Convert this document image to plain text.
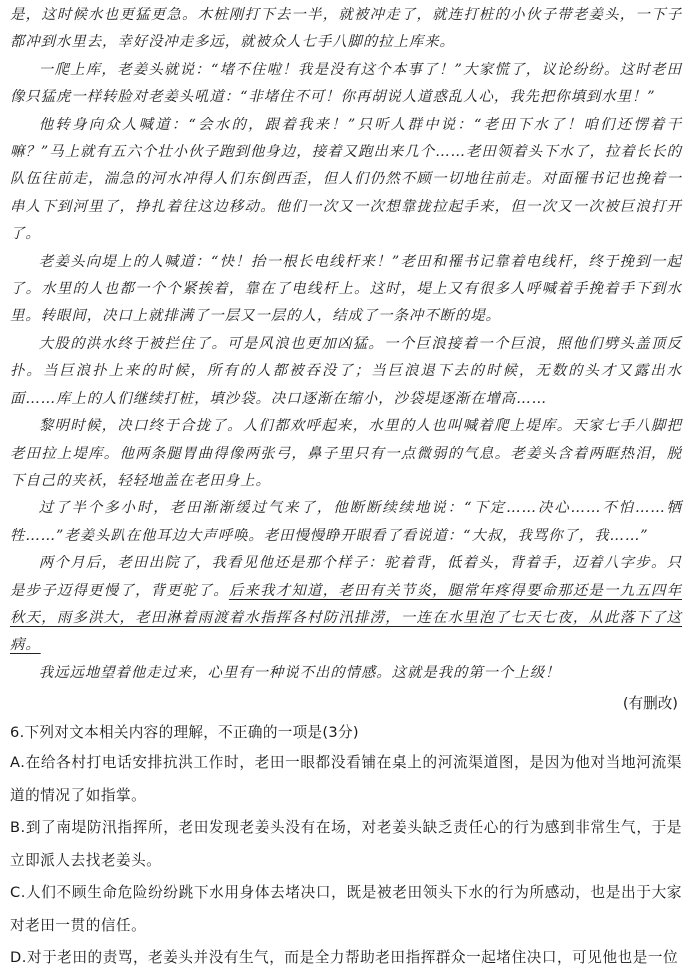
是，这时候水也更猛更急。木桩刚打下去一半，就被冲走了，就连打桩的小伙子带老姜头，一下子都冲到水里去，幸好没冲走多远，就被众人七手八脚的拉上库来。

一爬上库，老姜头就说：“堵不住啦！我是没有这个本事了！”大家慌了，议论纷纷。这时老田像只猛虎一样转脸对老姜头吼道：“非堵住不可！你再胡说人道惑乱人心，我先把你填到水里！”

他转身向众人喊道：“会水的，跟着我来！”只听人群中说：“老田下水了！咱们还愣着干嘛？”马上就有五六个壮小伙子跑到他身边，接着又跑出来几个……老田领着头下水了，拉着长长的队伍往前走，湍急的河水冲得人们东倒西歪，但人们仍然不顾一切地往前走。对面罹书记也挽着一串人下到河里了，挣扎着往这边移动。他们一次又一次想靠拢拉起手来，但一次又一次被巨浪打开了。

老姜头向堤上的人喊道：“快！抬一根长电线杆来！”老田和罹书记靠着电线杆，终于挽到一起了。水里的人也都一个个紧挨着，靠在了电线杆上。这时，堤上又有很多人呼喊着手挽着手下到水里。转眼间，决口上就排满了一层又一层的人，结成了一条冲不断的堤。

大股的洪水终于被拦住了。可是风浪也更加凶猛。一个巨浪接着一个巨浪，照他们劈头盖顶反扑。当巨浪扑上来的时候，所有的人都被吞没了；当巨浪退下去的时候，无数的头才又露出水面……库上的人们继续打桩，填沙袋。决口逐渐在缩小，沙袋堤逐渐在增高……

黎明时候，决口终于合拢了。人们都欢呼起来，水里的人也叫喊着爬上堤库。天家七手八脚把老田拉上堤库。他两条腿胃曲得像两张弓，鼻子里只有一点微弱的气息。老姜头含着两眶热泪，脱下自己的夹袄，轻轻地盖在老田身上。

过了半个多小时，老田渐渐缓过气来了，他断断续续地说：“下定……决心……不怕……牺牲……”老姜头趴在他耳边大声呼唤。老田慢慢睁开眼看了看说道：“大叔，我骂你了，我……”

两个月后，老田出院了，我看见他还是那个样子：驼着背，低着头，背着手，迈着八字步。只是步子迈得更慢了，背更驼了。后来我才知道，老田有关节炎，腿常年疼得要命那还是一九五四年秋天，雨多洪大，老田淋着雨渡着水指挥各村防汛排涝，一连在水里泡了七天七夜，从此落下了这病。

我远远地望着他走过来，心里有一种说不出的情感。这就是我的第一个上级！

(有删改)

6.下列对文本相关内容的理解，不正确的一项是(3分)

A.在给各村打电话安排抗洪工作时，老田一眼都没看铺在桌上的河流渠道图，是因为他对当地河流渠道的情况了如指掌。

B.到了南堤防汛指挥所，老田发现老姜头没有在场，对老姜头缺乏责任心的行为感到非常生气，于是立即派人去找老姜头。

C.人们不顾生命危险纷纷跳下水用身体去堵决口，既是被老田领头下水的行为所感动，也是出于大家对老田一贯的信任。

D.对于老田的责骂，老姜头并没有生气，而是全力帮助老田指挥群众一起堵住决口，可见他也是一位
